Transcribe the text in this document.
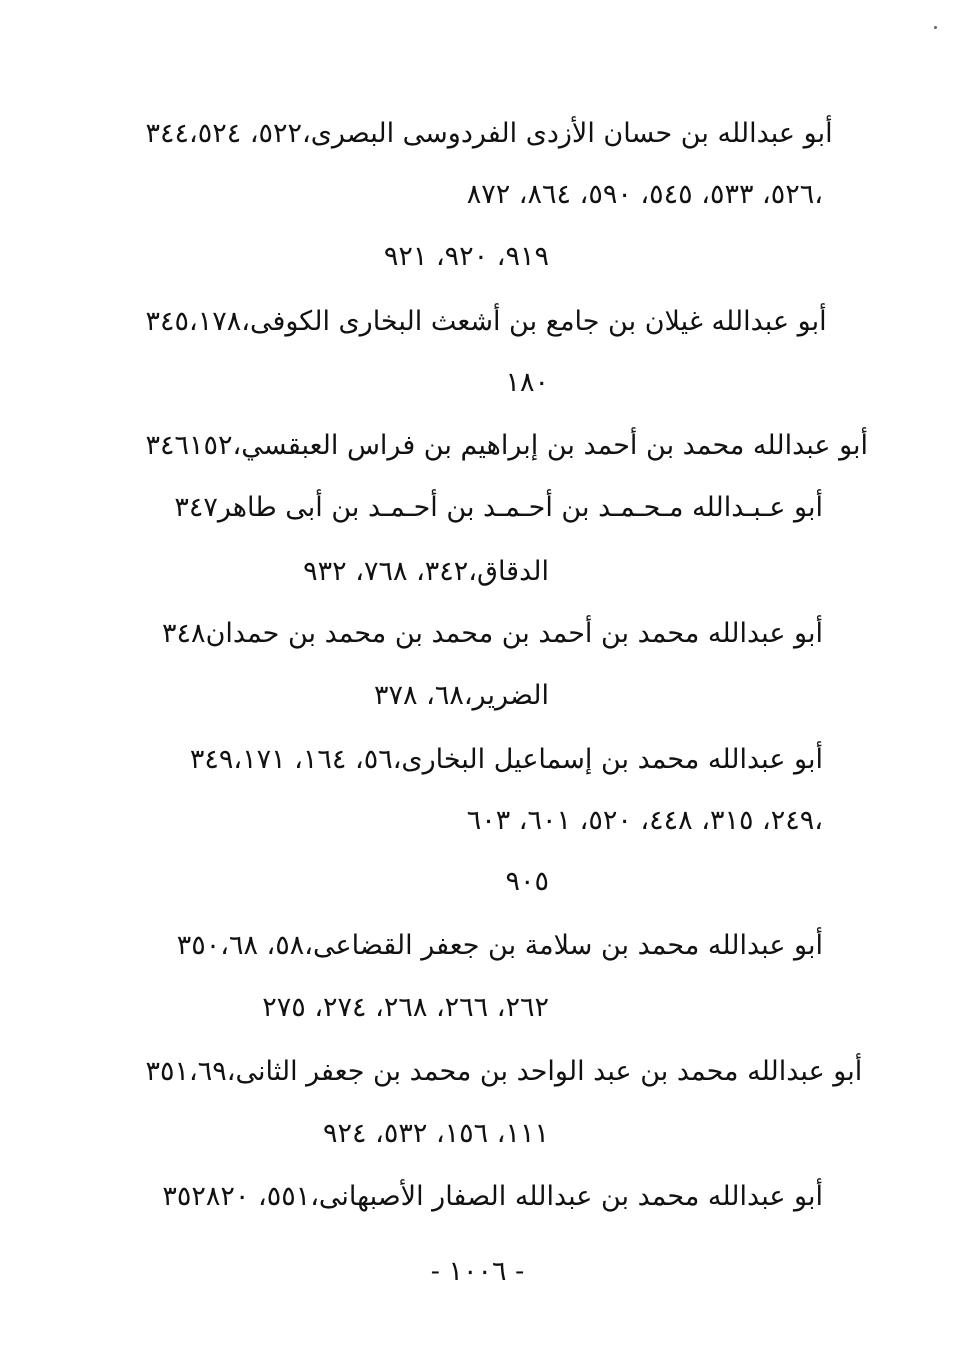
٣٤٤أبو عبدالله بن حسان الأزدى الفردوسى البصرى،٥٢٢، ٥٢٤،
٥٢٦، ٥٣٣، ٥٤٥، ٥٩٠، ٨٦٤، ٨٧٢،
٩١٩، ٩٢٠، ٩٢١
٣٤٥أبو عبدالله غيلان بن جامع بن أشعث البخارى الكوفى،١٧٨،
١٨٠
٣٤٦أبو عبدالله محمد بن أحمد بن إبراهيم بن فراس العبقسي،١٥٢
٣٤٧أبو عـبـدالله مـحـمـد بن أحـمـد بن أحـمـد بن أبى طاهر
الدقاق،٣٤٢، ٧٦٨، ٩٣٢
٣٤٨أبو عبدالله محمد بن أحمد بن محمد بن محمد بن حمدان
الضرير،٦٨، ٣٧٨
٣٤٩أبو عبدالله محمد بن إسماعيل البخارى،٥٦، ١٦٤، ١٧١،
٢٤٩، ٣١٥، ٤٤٨، ٥٢٠، ٦٠١، ٦٠٣،
٩٠٥
٣٥٠أبو عبدالله محمد بن سلامة بن جعفر القضاعى،٥٨، ٦٨،
٢٦٢، ٢٦٦، ٢٦٨، ٢٧٤، ٢٧٥
٣٥١أبو عبدالله محمد بن عبد الواحد بن محمد بن جعفر الثانى،٦٩،
١١١، ١٥٦، ٥٣٢، ٩٢٤
٣٥٢أبو عبدالله محمد بن عبدالله الصفار الأصبهانى،٥٥١، ٨٢٠
- ١٠٠٦ -
